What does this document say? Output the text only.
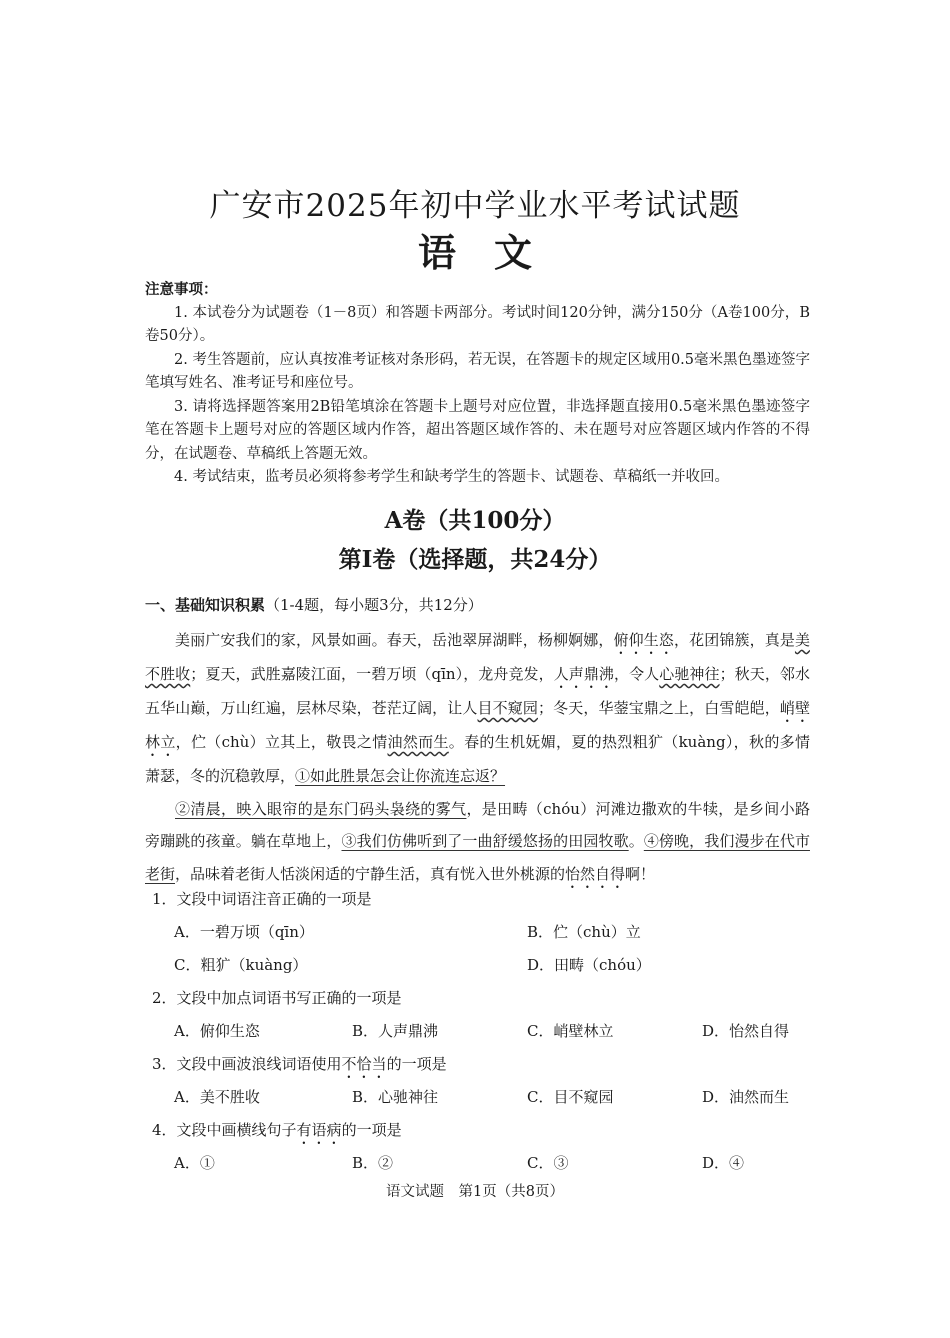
广安市2025年初中学业水平考试试题
语　文
注意事项：

1. 本试卷分为试题卷（1－8页）和答题卡两部分。考试时间120分钟，满分150分（A卷100分，B卷50分）。

2. 考生答题前，应认真按准考证核对条形码，若无误，在答题卡的规定区域用0.5毫米黑色墨迹签字笔填写姓名、准考证号和座位号。

3. 请将选择题答案用2B铅笔填涂在答题卡上题号对应位置，非选择题直接用0.5毫米黑色墨迹签字笔在答题卡上题号对应的答题区域内作答，超出答题区域作答的、未在题号对应答题区域内作答的不得分，在试题卷、草稿纸上答题无效。

4. 考试结束，监考员必须将参考学生和缺考学生的答题卡、试题卷、草稿纸一并收回。

A卷（共100分）
第Ⅰ卷（选择题，共24分）
一、基础知识积累（1-4题，每小题3分，共12分）

美丽广安我们的家，风景如画。春天，岳池翠屏湖畔，杨柳婀娜，俯仰生恣，花团锦簇，真是美不胜收；夏天，武胜嘉陵江面，一碧万顷（qīn），龙舟竞发，人声鼎沸，令人心驰神往；秋天，邻水五华山巅，万山红遍，层林尽染，苍茫辽阔，让人目不窥园；冬天，华蓥宝鼎之上，白雪皑皑，峭壁林立，伫（chù）立其上，敬畏之情油然而生。春的生机妩媚，夏的热烈粗犷（kuàng），秋的多情萧瑟，冬的沉稳敦厚，①如此胜景怎会让你流连忘返？

②清晨，映入眼帘的是东门码头袅绕的雾气，是田畴（chóu）河滩边撒欢的牛犊，是乡间小路旁蹦跳的孩童。躺在草地上，③我们仿佛听到了一曲舒缓悠扬的田园牧歌。④傍晚，我们漫步在代市老街，品味着老街人恬淡闲适的宁静生活，真有恍入世外桃源的怡然自得啊！

1．文段中词语注音正确的一项是
A．一碧万顷（qīn）	B．伫（chù）立
C．粗犷（kuàng）	D．田畴（chóu）
2．文段中加点词语书写正确的一项是
A．俯仰生恣	B．人声鼎沸	C．峭壁林立	D．怡然自得
3．文段中画波浪线词语使用不恰当的一项是
A．美不胜收	B．心驰神往	C．目不窥园	D．油然而生
4．文段中画横线句子有语病的一项是
A．①	B．②	C．③	D．④
语文试题　第1页（共8页）
